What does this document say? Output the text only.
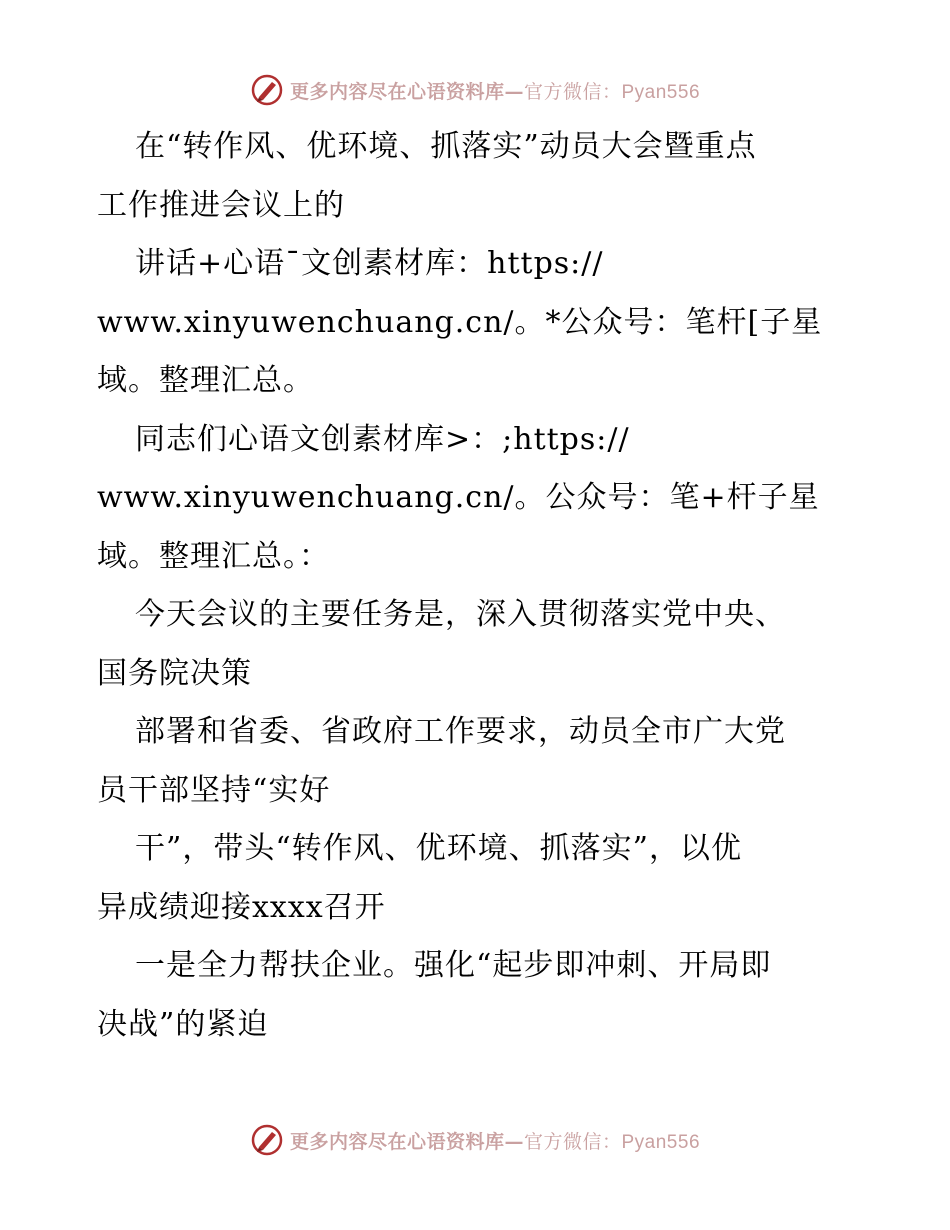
更多内容尽在心语资料库—官方微信：Pyan556
在“转作风、优环境、抓落实”动员大会暨重点
工作推进会议上的
讲话+心语¯文创素材库：https://
www.xinyuwenchuang.cn/。*公众号：笔杆[子星
域。整理汇总。
同志们心语文创素材库>：;https://
www.xinyuwenchuang.cn/。公众号：笔+杆子星
域。整理汇总。：
今天会议的主要任务是，深入贯彻落实党中央、
国务院决策
部署和省委、省政府工作要求，动员全市广大党
员干部坚持“实好
干”，带头“转作风、优环境、抓落实”，以优
异成绩迎接xxxx召开
一是全力帮扶企业。强化“起步即冲刺、开局即
决战”的紧迫
更多内容尽在心语资料库—官方微信：Pyan556
